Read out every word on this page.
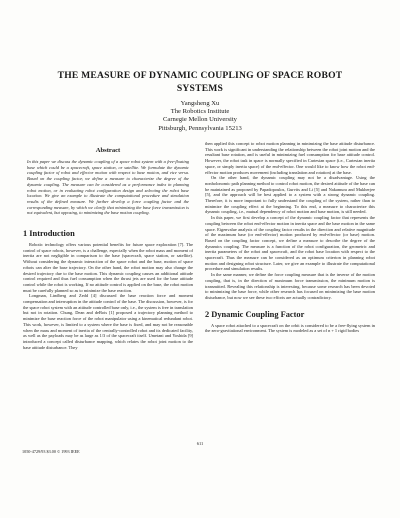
THE MEASURE OF DYNAMIC COUPLING OF SPACE ROBOT
SYSTEMS
Yangsheng Xu
The Robotics Institute
Carnegie Mellon University
Pittsburgh, Pennsylvania 15213
Abstract

In this paper we discuss the dynamic coupling of a space robot system with a free-floating base which could be a spacecraft, space station, or satellite. We formulate the dynamic coupling factor of robot and effector motion with respect to base motion, and vice versa. Based on the coupling factor, we define a measure to characterize the degree of the dynamic coupling. The measure can be considered as a performance index in planning robot motion, or in evaluating robot configuration design and selecting the robot base location. We give an example to illustrate the computational procedure and simulation results of the defined measure. We further develop a force coupling factor and the corresponding measure, by which we clarify that minimizing the base force transmission is not equivalent, but opposing, to minimizing the base motion coupling.

1 Introduction

Robotic technology offers various potential benefits for future space exploration [7]. The control of space robots, however, is a challenge, especially when the robot mass and moment of inertia are not negligible in comparison to the base (spacecraft, space station, or satellite). Without considering the dynamic interaction of the space robot and the base, motion of space robots can alter the base trajectory. On the other hand, the robot motion may also change the desired trajectory due to the base motion. This dynamic coupling causes an additional attitude control required and thus fuel consumption when the thrust jets are used for the base attitude control while the robot is working. If no attitude control is applied on the base, the robot motion must be carefully planned so as to minimize the base reaction.

Longman, Lindberg and Zedd [4] discussed the base reaction force and moment compensation and interruption in the attitude control of the base. The discussion, however, is for the space robot system with an attitude controlled base only, i.e., the system is free in translation but not in rotation. Chung, Dean and deBois [1] proposed a trajectory planning method to minimize the base reaction force of the robot manipulator using a kinematical redundant robot. This work, however, is limited to a system where the base is fixed, and may not be reasonable when the mass and moment of inertia of the centrally-controlled robot and its dedicated facility, as well as the payloads may be as large as 1/3 of the spacecraft itself. Umetani and Yoshida [9] introduced a concept called disturbance mapping, which relates the robot joint motion to the base attitude disturbance. They

then applied this concept to robot motion planning in minimizing the base attitude disturbance. This work is significant in understanding the relationship between the robot joint motion and the resultant base rotation, and is useful in minimizing fuel consumption for base attitude control. However, the robot task in space is normally specified in Cartesian space (i.e., Cartesian inertia space, or simply inertia space) of the end-effector. One would like to know how the robot end-effector motion produces movement (including translation and rotation) at the base.

On the other hand, the dynamic coupling may not be a disadvantage. Using the nonholonomic path planning method to control robot motion, the desired attitude of the base can be maintained as proposed by Papadopoulos, Gurvits and Li [5] and Nakamura and Mukherjee [5], and the approach will be best applied to a system with a strong dynamic coupling. Therefore, it is more important to fully understand the coupling of the system, rather than to minimize the coupling effect at the beginning. To this end, a measure to characterize this dynamic coupling, i.e., mutual dependency of robot motion and base motion, is still needed.

In this paper, we first develop a concept of the dynamic coupling factor that represents the coupling between the robot end-effector motion in inertia space and the base motion in the same space. Eigenvalue analysis of the coupling factor results in the direction and relative magnitude of the maximum base (or end-effector) motion produced by end-effector (or base) motion. Based on the coupling factor concept, we define a measure to describe the degree of the dynamics coupling. The measure is a function of the robot configuration, the geometric and inertia parameters of the robot and spacecraft, and the robot base location with respect to the spacecraft. Thus the measure can be considered as an optimum criterion in planning robot motion and designing robot structure. Later, we give an example to illustrate the computational procedure and simulation results.

In the same manner, we define the force coupling measure that is the inverse of the motion coupling, that is, in the direction of maximum force transmission, the minimum motion is transmitted. Revealing this relationship is interesting, because some research has been devoted to minimizing the base force, while other research has focused on minimizing the base motion disturbance, but now we see these two efforts are actually contradictory.

2 Dynamic Coupling Factor

A space robot attached to a spacecraft on the orbit is considered to be a free-flying system in the zero-gravitational environment. The system is modeled as a set of n + 1 rigid bodies

611
1050-4729/93 $3.00 © 1993 IEEE
